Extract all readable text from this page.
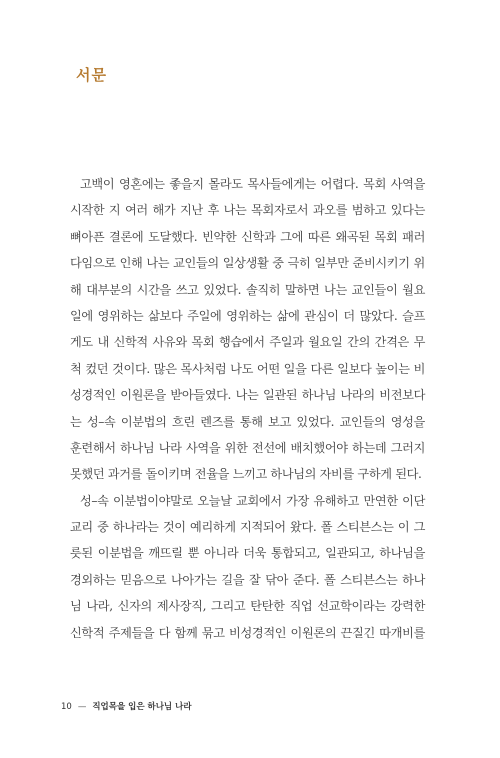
서문
고백이 영혼에는 좋을지 몰라도 목사들에게는 어렵다. 목회 사역을
시작한 지 여러 해가 지난 후 나는 목회자로서 과오를 범하고 있다는
뼈아픈 결론에 도달했다. 빈약한 신학과 그에 따른 왜곡된 목회 패러
다임으로 인해 나는 교인들의 일상생활 중 극히 일부만 준비시키기 위
해 대부분의 시간을 쓰고 있었다. 솔직히 말하면 나는 교인들이 월요
일에 영위하는 삶보다 주일에 영위하는 삶에 관심이 더 많았다. 슬프
게도 내 신학적 사유와 목회 행습에서 주일과 월요일 간의 간격은 무
척 컸던 것이다. 많은 목사처럼 나도 어떤 일을 다른 일보다 높이는 비
성경적인 이원론을 받아들였다. 나는 일관된 하나님 나라의 비전보다
는 성–속 이분법의 흐린 렌즈를 통해 보고 있었다. 교인들의 영성을
훈련해서 하나님 나라 사역을 위한 전선에 배치했어야 하는데 그러지
못했던 과거를 돌이키며 전율을 느끼고 하나님의 자비를 구하게 된다.
성–속 이분법이야말로 오늘날 교회에서 가장 유해하고 만연한 이단
교리 중 하나라는 것이 예리하게 지적되어 왔다. 폴 스티븐스는 이 그
릇된 이분법을 깨뜨릴 뿐 아니라 더욱 통합되고, 일관되고, 하나님을
경외하는 믿음으로 나아가는 길을 잘 닦아 준다. 폴 스티븐스는 하나
님 나라, 신자의 제사장직, 그리고 탄탄한 직업 선교학이라는 강력한
신학적 주제들을 다 함께 묶고 비성경적인 이원론의 끈질긴 따개비를
10 — 직업목을 입은 하나님 나라
